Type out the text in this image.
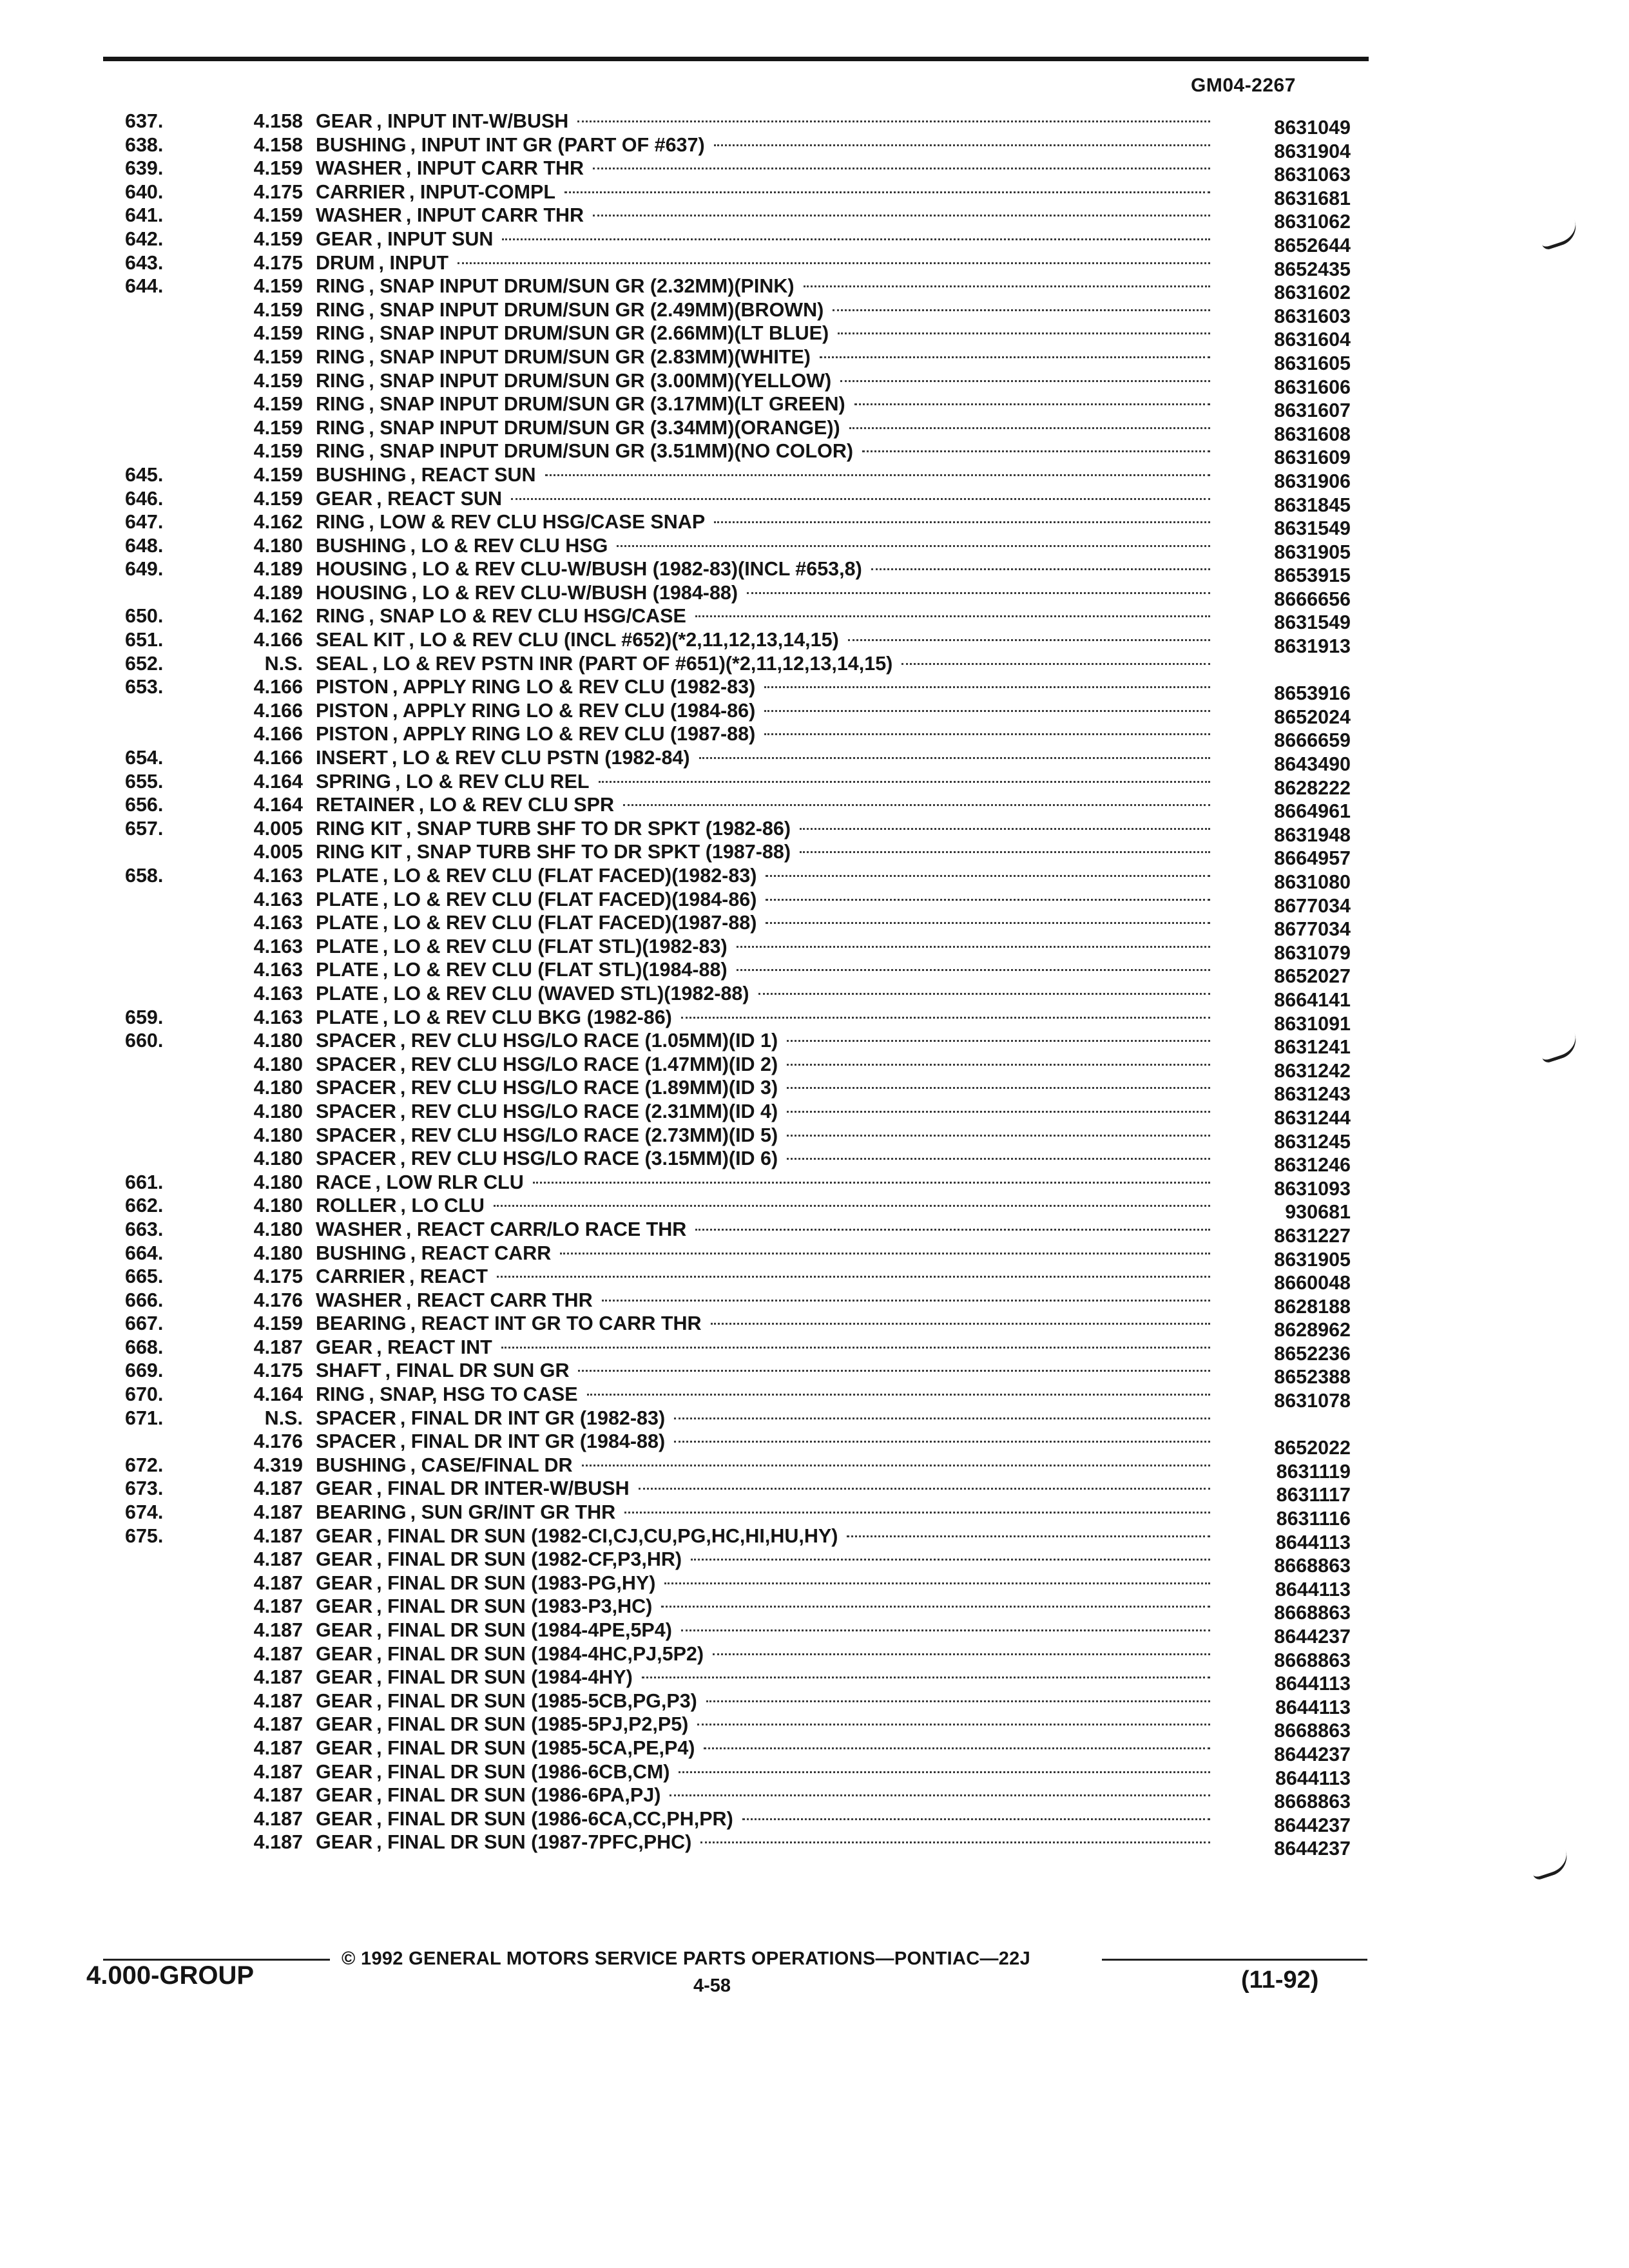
GM04-2267
637.	4.158 GEAR , INPUT INT-W/BUSH	8631049
638.	4.158 BUSHING , INPUT INT GR (PART OF #637)	8631904
639.	4.159 WASHER , INPUT CARR THR	8631063
640.	4.175 CARRIER , INPUT-COMPL	8631681
641.	4.159 WASHER , INPUT CARR THR	8631062
642.	4.159 GEAR , INPUT SUN	8652644
643.	4.175 DRUM , INPUT	8652435
644.	4.159 RING , SNAP INPUT DRUM/SUN GR (2.32MM)(PINK)	8631602
4.159 RING , SNAP INPUT DRUM/SUN GR (2.49MM)(BROWN)	8631603
4.159 RING , SNAP INPUT DRUM/SUN GR (2.66MM)(LT BLUE)	8631604
4.159 RING , SNAP INPUT DRUM/SUN GR (2.83MM)(WHITE)	8631605
4.159 RING , SNAP INPUT DRUM/SUN GR (3.00MM)(YELLOW)	8631606
4.159 RING , SNAP INPUT DRUM/SUN GR (3.17MM)(LT GREEN)	8631607
4.159 RING , SNAP INPUT DRUM/SUN GR (3.34MM)(ORANGE))	8631608
4.159 RING , SNAP INPUT DRUM/SUN GR (3.51MM)(NO COLOR)	8631609
645.	4.159 BUSHING , REACT SUN	8631906
646.	4.159 GEAR , REACT SUN	8631845
647.	4.162 RING , LOW & REV CLU HSG/CASE SNAP	8631549
648.	4.180 BUSHING , LO & REV CLU HSG	8631905
649.	4.189 HOUSING , LO & REV CLU-W/BUSH (1982-83)(INCL #653,8)	8653915
4.189 HOUSING , LO & REV CLU-W/BUSH (1984-88)	8666656
650.	4.162 RING , SNAP LO & REV CLU HSG/CASE	8631549
651.	4.166 SEAL KIT , LO & REV CLU (INCL #652)(*2,11,12,13,14,15)	8631913
652.	N.S. SEAL , LO & REV PSTN INR (PART OF #651)(*2,11,12,13,14,15)
653.	4.166 PISTON , APPLY RING LO & REV CLU (1982-83)	8653916
4.166 PISTON , APPLY RING LO & REV CLU (1984-86)	8652024
4.166 PISTON , APPLY RING LO & REV CLU (1987-88)	8666659
654.	4.166 INSERT , LO & REV CLU PSTN (1982-84)	8643490
655.	4.164 SPRING , LO & REV CLU REL	8628222
656.	4.164 RETAINER , LO & REV CLU SPR	8664961
657.	4.005 RING KIT , SNAP TURB SHF TO DR SPKT (1982-86)	8631948
4.005 RING KIT , SNAP TURB SHF TO DR SPKT (1987-88)	8664957
658.	4.163 PLATE , LO & REV CLU (FLAT FACED)(1982-83)	8631080
4.163 PLATE , LO & REV CLU (FLAT FACED)(1984-86)	8677034
4.163 PLATE , LO & REV CLU (FLAT FACED)(1987-88)	8677034
4.163 PLATE , LO & REV CLU (FLAT STL)(1982-83)	8631079
4.163 PLATE , LO & REV CLU (FLAT STL)(1984-88)	8652027
4.163 PLATE , LO & REV CLU (WAVED STL)(1982-88)	8664141
659.	4.163 PLATE , LO & REV CLU BKG (1982-86)	8631091
660.	4.180 SPACER , REV CLU HSG/LO RACE (1.05MM)(ID 1)	8631241
4.180 SPACER , REV CLU HSG/LO RACE (1.47MM)(ID 2)	8631242
4.180 SPACER , REV CLU HSG/LO RACE (1.89MM)(ID 3)	8631243
4.180 SPACER , REV CLU HSG/LO RACE (2.31MM)(ID 4)	8631244
4.180 SPACER , REV CLU HSG/LO RACE (2.73MM)(ID 5)	8631245
4.180 SPACER , REV CLU HSG/LO RACE (3.15MM)(ID 6)	8631246
661.	4.180 RACE , LOW RLR CLU	8631093
662.	4.180 ROLLER , LO CLU	930681
663.	4.180 WASHER , REACT CARR/LO RACE THR	8631227
664.	4.180 BUSHING , REACT CARR	8631905
665.	4.175 CARRIER , REACT	8660048
666.	4.176 WASHER , REACT CARR THR	8628188
667.	4.159 BEARING , REACT INT GR TO CARR THR	8628962
668.	4.187 GEAR , REACT INT	8652236
669.	4.175 SHAFT , FINAL DR SUN GR	8652388
670.	4.164 RING , SNAP, HSG TO CASE	8631078
671.	N.S. SPACER , FINAL DR INT GR (1982-83)
4.176 SPACER , FINAL DR INT GR (1984-88)	8652022
672.	4.319 BUSHING , CASE/FINAL DR	8631119
673.	4.187 GEAR , FINAL DR INTER-W/BUSH	8631117
674.	4.187 BEARING , SUN GR/INT GR THR	8631116
675.	4.187 GEAR , FINAL DR SUN (1982-CI,CJ,CU,PG,HC,HI,HU,HY)	8644113
4.187 GEAR , FINAL DR SUN (1982-CF,P3,HR)	8668863
4.187 GEAR , FINAL DR SUN (1983-PG,HY)	8644113
4.187 GEAR , FINAL DR SUN (1983-P3,HC)	8668863
4.187 GEAR , FINAL DR SUN (1984-4PE,5P4)	8644237
4.187 GEAR , FINAL DR SUN (1984-4HC,PJ,5P2)	8668863
4.187 GEAR , FINAL DR SUN (1984-4HY)	8644113
4.187 GEAR , FINAL DR SUN (1985-5CB,PG,P3)	8644113
4.187 GEAR , FINAL DR SUN (1985-5PJ,P2,P5)	8668863
4.187 GEAR , FINAL DR SUN (1985-5CA,PE,P4)	8644237
4.187 GEAR , FINAL DR SUN (1986-6CB,CM)	8644113
4.187 GEAR , FINAL DR SUN (1986-6PA,PJ)	8668863
4.187 GEAR , FINAL DR SUN (1986-6CA,CC,PH,PR)	8644237
4.187 GEAR , FINAL DR SUN (1987-7PFC,PHC)	8644237
© 1992 GENERAL MOTORS SERVICE PARTS OPERATIONS—PONTIAC—22J
4.000-GROUP	4-58	(11-92)
